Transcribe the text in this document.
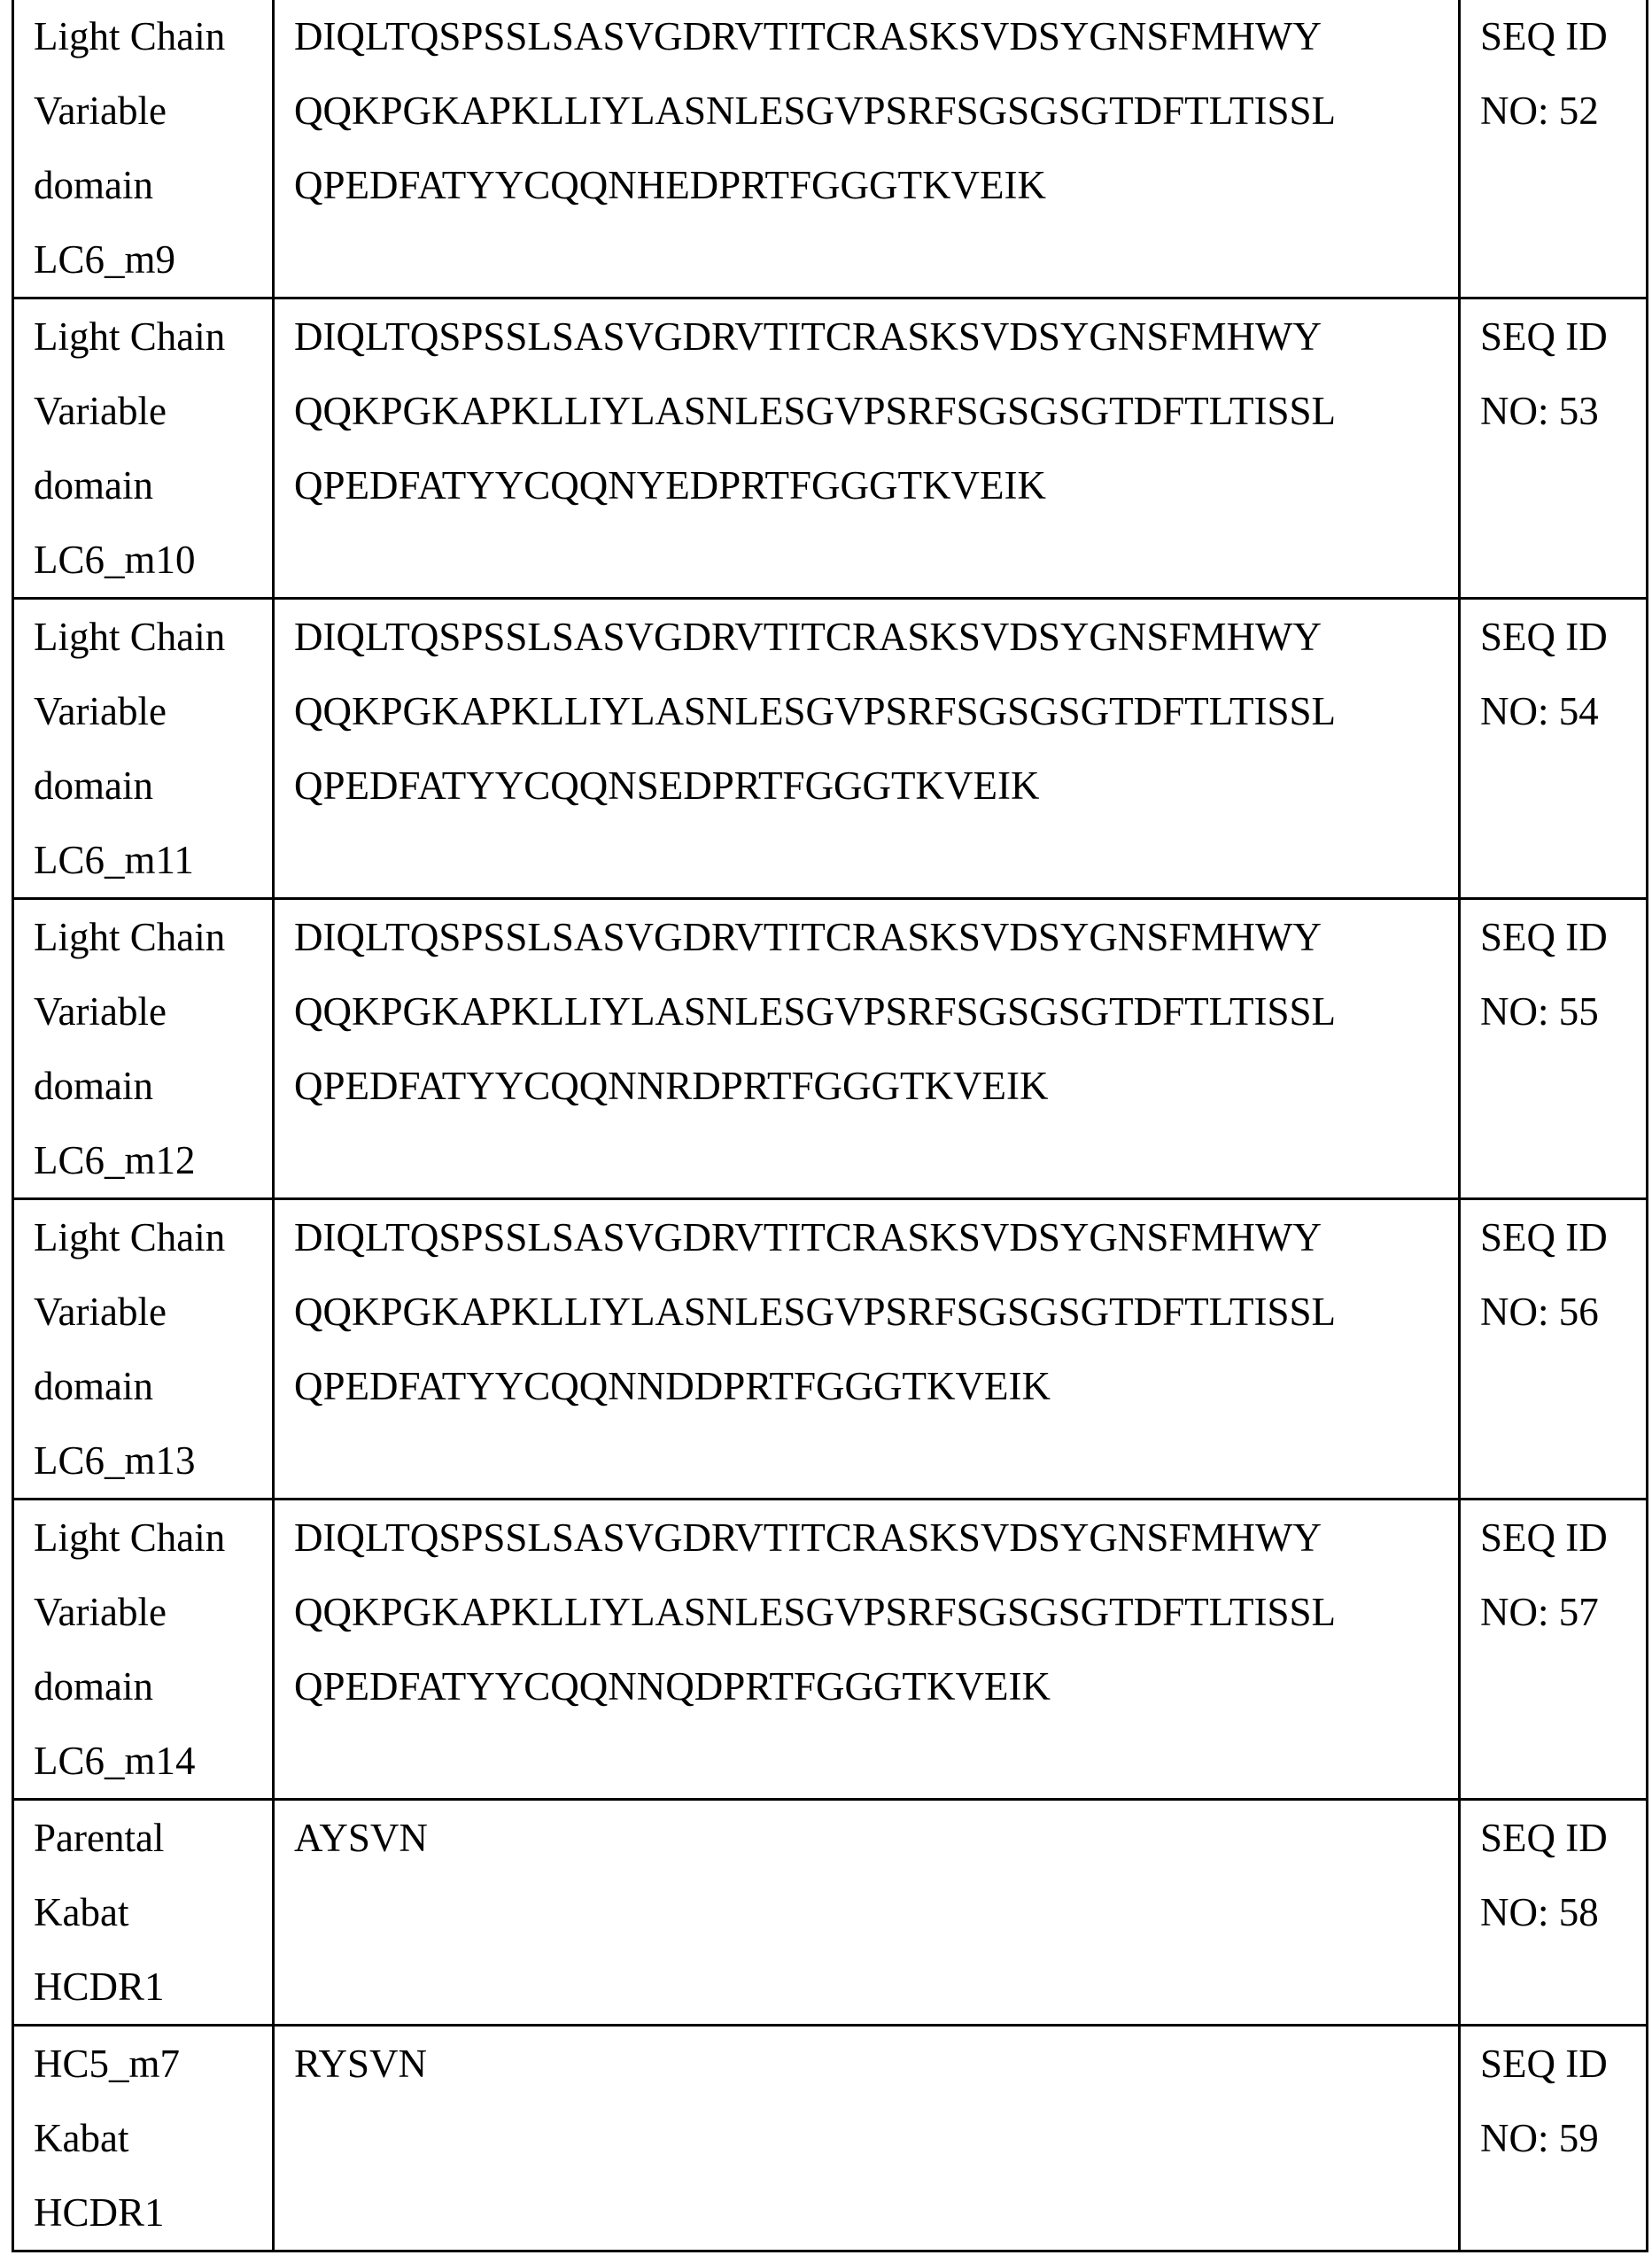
Light Chain
Variable
domain
LC6_m9

DIQLTQSPSSLSASVGDRVTITCRASKSVDSYGNSFMHWY
QQKPGKAPKLLIYLASNLESGVPSRFSGSGSGTDFTLTISSL
QPEDFATYYCQQNHEDPRTFGGGTKVEIK

SEQ ID
NO: 52

Light Chain
Variable
domain
LC6_m10

DIQLTQSPSSLSASVGDRVTITCRASKSVDSYGNSFMHWY
QQKPGKAPKLLIYLASNLESGVPSRFSGSGSGTDFTLTISSL
QPEDFATYYCQQNYEDPRTFGGGTKVEIK

SEQ ID
NO: 53

Light Chain
Variable
domain
LC6_m11

DIQLTQSPSSLSASVGDRVTITCRASKSVDSYGNSFMHWY
QQKPGKAPKLLIYLASNLESGVPSRFSGSGSGTDFTLTISSL
QPEDFATYYCQQNSEDPRTFGGGTKVEIK

SEQ ID
NO: 54

Light Chain
Variable
domain
LC6_m12

DIQLTQSPSSLSASVGDRVTITCRASKSVDSYGNSFMHWY
QQKPGKAPKLLIYLASNLESGVPSRFSGSGSGTDFTLTISSL
QPEDFATYYCQQNNRDPRTFGGGTKVEIK

SEQ ID
NO: 55

Light Chain
Variable
domain
LC6_m13

DIQLTQSPSSLSASVGDRVTITCRASKSVDSYGNSFMHWY
QQKPGKAPKLLIYLASNLESGVPSRFSGSGSGTDFTLTISSL
QPEDFATYYCQQNNDDPRTFGGGTKVEIK

SEQ ID
NO: 56

Light Chain
Variable
domain
LC6_m14

DIQLTQSPSSLSASVGDRVTITCRASKSVDSYGNSFMHWY
QQKPGKAPKLLIYLASNLESGVPSRFSGSGSGTDFTLTISSL
QPEDFATYYCQQNNQDPRTFGGGTKVEIK

SEQ ID
NO: 57

Parental
Kabat
HCDR1

AYSVN	SEQ ID
NO: 58

HC5_m7
Kabat
HCDR1

RYSVN	SEQ ID
NO: 59
